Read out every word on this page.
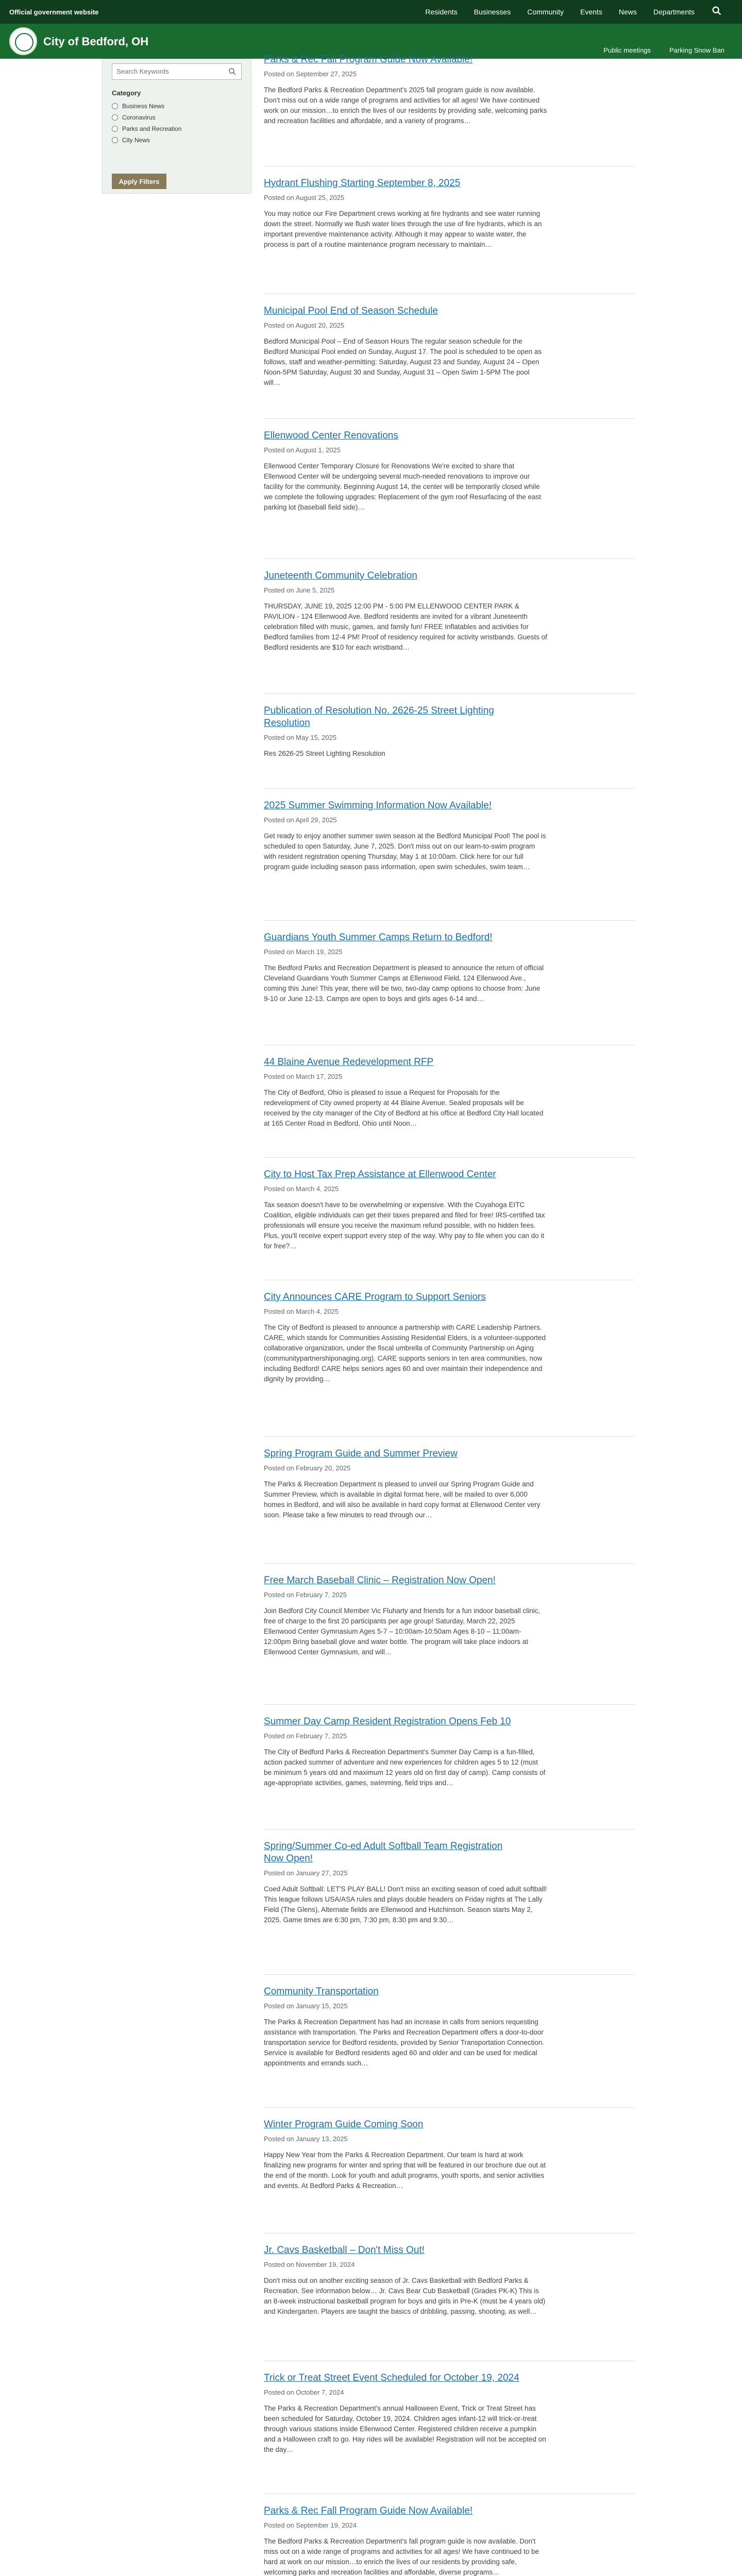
Official government website
City of Bedford, OH
Public meetings	Parking Snow Ban
Residents	Businesses	Community	Events	News	Departments
Search Keywords
Category
Business News
Coronavirus
Parks and Recreation
City News
Apply Filters
Parks & Rec Fall Program Guide Now Available!
Posted on September 27, 2025
The Bedford Parks & Recreation Department's 2025 fall program guide is now available. Don't miss out on a wide range of programs and activities for all ages! We have continued work on our mission…to enrich the lives of our residents by providing safe, welcoming parks and recreation facilities and affordable, and a variety of programs…
Hydrant Flushing Starting September 8, 2025
Posted on August 25, 2025
You may notice our Fire Department crews working at fire hydrants and see water running down the street. Normally we flush water lines through the use of fire hydrants, which is an important preventive maintenance activity. Although it may appear to waste water, the process is part of a routine maintenance program necessary to maintain…
Municipal Pool End of Season Schedule
Posted on August 20, 2025
Bedford Municipal Pool – End of Season Hours The regular season schedule for the Bedford Municipal Pool ended on Sunday, August 17. The pool is scheduled to be open as follows, staff and weather-permitting: Saturday, August 23 and Sunday, August 24 – Open Noon-5PM Saturday, August 30 and Sunday, August 31 – Open Swim 1-5PM The pool will…
Ellenwood Center Renovations
Posted on August 1, 2025
Ellenwood Center Temporary Closure for Renovations We're excited to share that Ellenwood Center will be undergoing several much-needed renovations to improve our facility for the community. Beginning August 14, the center will be temporarily closed while we complete the following upgrades: Replacement of the gym roof Resurfacing of the east parking lot (baseball field side)…
Juneteenth Community Celebration
Posted on June 5, 2025
THURSDAY, JUNE 19, 2025 12:00 PM - 5:00 PM ELLENWOOD CENTER PARK & PAVILION - 124 Ellenwood Ave. Bedford residents are invited for a vibrant Juneteenth celebration filled with music, games, and family fun! FREE Inflatables and activities for Bedford families from 12-4 PM! Proof of residency required for activity wristbands. Guests of Bedford residents are $10 for each wristband…
Publication of Resolution No. 2626-25 Street Lighting Resolution
Posted on May 15, 2025
Res 2626-25 Street Lighting Resolution
2025 Summer Swimming Information Now Available!
Posted on April 29, 2025
Get ready to enjoy another summer swim season at the Bedford Municipal Pool! The pool is scheduled to open Saturday, June 7, 2025. Don't miss out on our learn-to-swim program with resident registration opening Thursday, May 1 at 10:00am. Click here for our full program guide including season pass information, open swim schedules, swim team…
Guardians Youth Summer Camps Return to Bedford!
Posted on March 19, 2025
The Bedford Parks and Recreation Department is pleased to announce the return of official Cleveland Guardians Youth Summer Camps at Ellenwood Field, 124 Ellenwood Ave., coming this June! This year, there will be two, two-day camp options to choose from: June 9-10 or June 12-13. Camps are open to boys and girls ages 6-14 and…
44 Blaine Avenue Redevelopment RFP
Posted on March 17, 2025
The City of Bedford, Ohio is pleased to issue a Request for Proposals for the redevelopment of City owned property at 44 Blaine Avenue. Sealed proposals will be received by the city manager of the City of Bedford at his office at Bedford City Hall located at 165 Center Road in Bedford, Ohio until Noon…
City to Host Tax Prep Assistance at Ellenwood Center
Posted on March 4, 2025
Tax season doesn't have to be overwhelming or expensive. With the Cuyahoga EITC Coalition, eligible individuals can get their taxes prepared and filed for free! IRS-certified tax professionals will ensure you receive the maximum refund possible, with no hidden fees. Plus, you'll receive expert support every step of the way. Why pay to file when you can do it for free?…
City Announces CARE Program to Support Seniors
Posted on March 4, 2025
The City of Bedford is pleased to announce a partnership with CARE Leadership Partners. CARE, which stands for Communities Assisting Residential Elders, is a volunteer-supported collaborative organization, under the fiscal umbrella of Community Partnership on Aging (communitypartnershiponaging.org). CARE supports seniors in ten area communities, now including Bedford! CARE helps seniors ages 60 and over maintain their independence and dignity by providing…
Spring Program Guide and Summer Preview
Posted on February 20, 2025
The Parks & Recreation Department is pleased to unveil our Spring Program Guide and Summer Preview, which is available in digital format here, will be mailed to over 6,000 homes in Bedford, and will also be available in hard copy format at Ellenwood Center very soon. Please take a few minutes to read through our…
Free March Baseball Clinic – Registration Now Open!
Posted on February 7, 2025
Join Bedford City Council Member Vic Fluharty and friends for a fun indoor baseball clinic, free of charge to the first 20 participants per age group! Saturday, March 22, 2025 Ellenwood Center Gymnasium Ages 5-7 – 10:00am-10:50am Ages 8-10 – 11:00am-12:00pm Bring baseball glove and water bottle. The program will take place indoors at Ellenwood Center Gymnasium, and will…
Summer Day Camp Resident Registration Opens Feb 10
Posted on February 7, 2025
The City of Bedford Parks & Recreation Department's Summer Day Camp is a fun-filled, action packed summer of adventure and new experiences for children ages 5 to 12 (must be minimum 5 years old and maximum 12 years old on first day of camp). Camp consists of age-appropriate activities, games, swimming, field trips and…
Spring/Summer Co-ed Adult Softball Team Registration Now Open!
Posted on January 27, 2025
Coed Adult Softball: LET'S PLAY BALL! Don't miss an exciting season of coed adult softball! This league follows USA/ASA rules and plays double headers on Friday nights at The Lally Field (The Glens), Alternate fields are Ellenwood and Hutchinson. Season starts May 2, 2025. Game times are 6:30 pm, 7:30 pm, 8:30 pm and 9:30…
Community Transportation
Posted on January 15, 2025
The Parks & Recreation Department has had an increase in calls from seniors requesting assistance with transportation. The Parks and Recreation Department offers a door-to-door transportation service for Bedford residents, provided by Senior Transportation Connection. Service is available for Bedford residents aged 60 and older and can be used for medical appointments and errands such…
Winter Program Guide Coming Soon
Posted on January 13, 2025
Happy New Year from the Parks & Recreation Department. Our team is hard at work finalizing new programs for winter and spring that will be featured in our brochure due out at the end of the month. Look for youth and adult programs, youth sports, and senior activities and events. At Bedford Parks & Recreation…
Jr. Cavs Basketball – Don't Miss Out!
Posted on November 19, 2024
Don't miss out on another exciting season of Jr. Cavs Basketball with Bedford Parks & Recreation. See information below… Jr. Cavs Bear Cub Basketball (Grades PK-K) This is an 8-week instructional basketball program for boys and girls in Pre-K (must be 4 years old) and Kindergarten. Players are taught the basics of dribbling, passing, shooting, as well…
Trick or Treat Street Event Scheduled for October 19, 2024
Posted on October 7, 2024
The Parks & Recreation Department's annual Halloween Event, Trick or Treat Street has been scheduled for Saturday, October 19, 2024. Children ages infant-12 will trick-or-treat through various stations inside Ellenwood Center. Registered children receive a pumpkin and a Halloween craft to go. Hay rides will be available! Registration will not be accepted on the day…
Parks & Rec Fall Program Guide Now Available!
Posted on September 19, 2024
The Bedford Parks & Recreation Department's fall program guide is now available. Don't miss out on a wide range of programs and activities for all ages! We have continued to be hard at work on our mission…to enrich the lives of our residents by providing safe, welcoming parks and recreation facilities and affordable, diverse programs…
